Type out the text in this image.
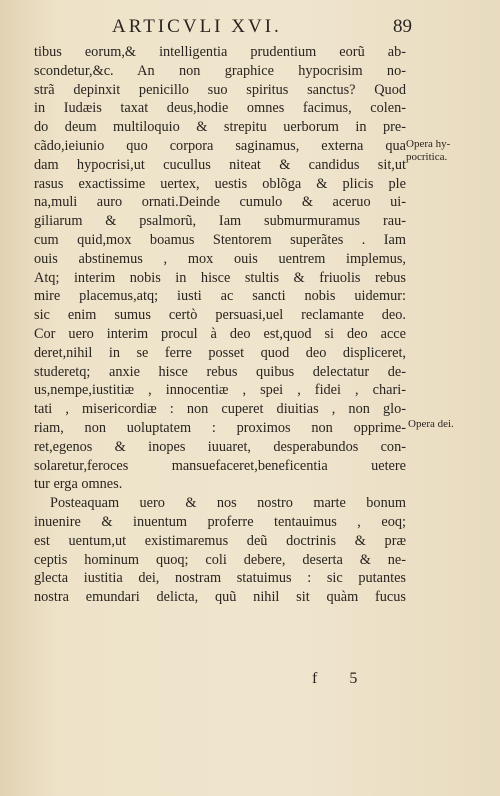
ARTICVLI XVI.	89
tibus eorum,& intelligentia prudentium eorũ ab‑
scondetur,&c. An non graphice hypocrisim no‑
strã depinxit penicillo suo spiritus sanctus? Quod
in Iudæis taxat deus,hodie omnes facimus, colen‑
do deum multiloquio & strepitu uerborum in pre‑
cãdo,ieiunio quo corpora saginamus, externa qua
dam hypocrisi,ut cucullus niteat & candidus sit,ut
rasus exactissime uertex, uestis oblõga & plicis ple
na,muli auro ornati.Deinde cumulo & aceruo ui‑
giliarum & psalmorũ, Iam submurmuramus rau‑
cum quid,mox boamus Stentorem superãtes . Iam
ouis abstinemus , mox ouis uentrem implemus,
Atq; interim nobis in hisce stultis & friuolis rebus
mire placemus,atq; iusti ac sancti nobis uidemur:
sic enim sumus certò persuasi,uel reclamante deo.
Cor uero interim procul à deo est,quod si deo acce
deret,nihil in se ferre posset quod deo displiceret,
studeretq; anxie hisce rebus quibus delectatur de‑
us,nempe,iustitiæ , innocentiæ , spei , fidei , chari‑
tati , misericordiæ : non cuperet diuitias , non glo‑
riam, non uoluptatem : proximos non opprime‑
ret,egenos & inopes iuuaret, desperabundos con‑
solaretur,feroces mansuefaceret,beneficentia uetere
tur erga omnes.
Posteaquam uero & nos nostro marte bonum
inuenire & inuentum proferre tentauimus , eoq;
est uentum,ut existimaremus deũ doctrinis & præ
ceptis hominum quoq; coli debere, deserta & ne‑
glecta iustitia dei, nostram statuimus : sic putantes
nostra emundari delicta, quũ nihil sit quàm fucus
Opera hy‑
pocritica.
Opera dei.
f 5
